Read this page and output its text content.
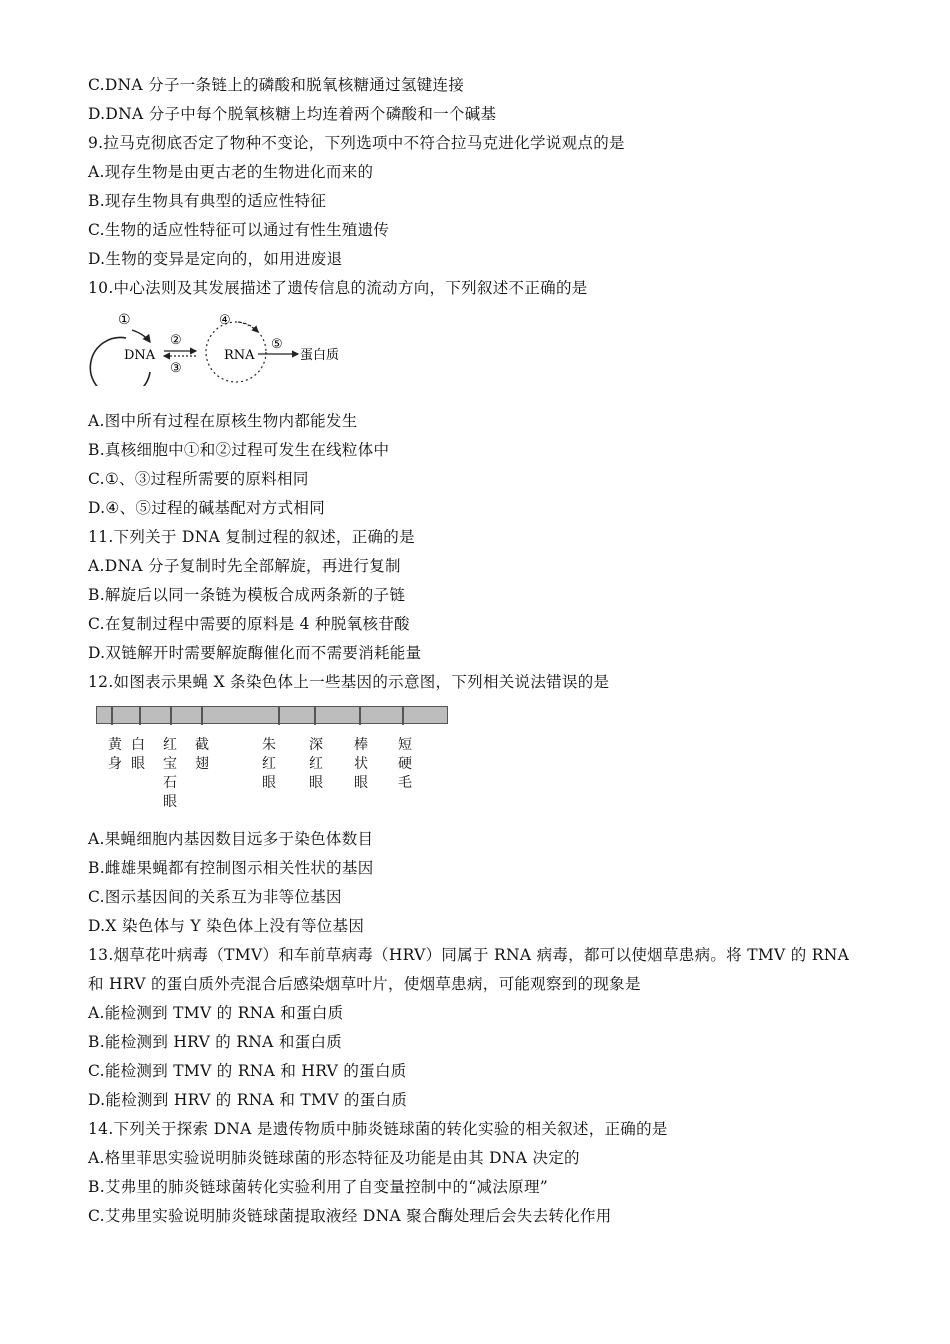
C.DNA 分子一条链上的磷酸和脱氧核糖通过氢键连接
D.DNA 分子中每个脱氧核糖上均连着两个磷酸和一个碱基
9.拉马克彻底否定了物种不变论，下列选项中不符合拉马克进化学说观点的是
A.现存生物是由更古老的生物进化而来的
B.现存生物具有典型的适应性特征
C.生物的适应性特征可以通过有性生殖遗传
D.生物的变异是定向的，如用进废退
10.中心法则及其发展描述了遗传信息的流动方向，下列叙述不正确的是
①
DNA
②
③
④
RNA
⑤
蛋白质
A.图中所有过程在原核生物内都能发生
B.真核细胞中①和②过程可发生在线粒体中
C.①、③过程所需要的原料相同
D.④、⑤过程的碱基配对方式相同
11.下列关于 DNA 复制过程的叙述，正确的是
A.DNA 分子复制时先全部解旋，再进行复制
B.解旋后以同一条链为模板合成两条新的子链
C.在复制过程中需要的原料是 4 种脱氧核苷酸
D.双链解开时需要解旋酶催化而不需要消耗能量
12.如图表示果蝇 X 条染色体上一些基因的示意图，下列相关说法错误的是
黄身
白眼
红宝石眼
截翅
朱红眼
深红眼
棒状眼
短硬毛
A.果蝇细胞内基因数目远多于染色体数目
B.雌雄果蝇都有控制图示相关性状的基因
C.图示基因间的关系互为非等位基因
D.X 染色体与 Y 染色体上没有等位基因
13.烟草花叶病毒（TMV）和车前草病毒（HRV）同属于 RNA 病毒，都可以使烟草患病。将 TMV 的 RNA
和 HRV 的蛋白质外壳混合后感染烟草叶片，使烟草患病，可能观察到的现象是
A.能检测到 TMV 的 RNA 和蛋白质
B.能检测到 HRV 的 RNA 和蛋白质
C.能检测到 TMV 的 RNA 和 HRV 的蛋白质
D.能检测到 HRV 的 RNA 和 TMV 的蛋白质
14.下列关于探索 DNA 是遗传物质中肺炎链球菌的转化实验的相关叙述，正确的是
A.格里菲思实验说明肺炎链球菌的形态特征及功能是由其 DNA 决定的
B.艾弗里的肺炎链球菌转化实验利用了自变量控制中的“减法原理”
C.艾弗里实验说明肺炎链球菌提取液经 DNA 聚合酶处理后会失去转化作用
